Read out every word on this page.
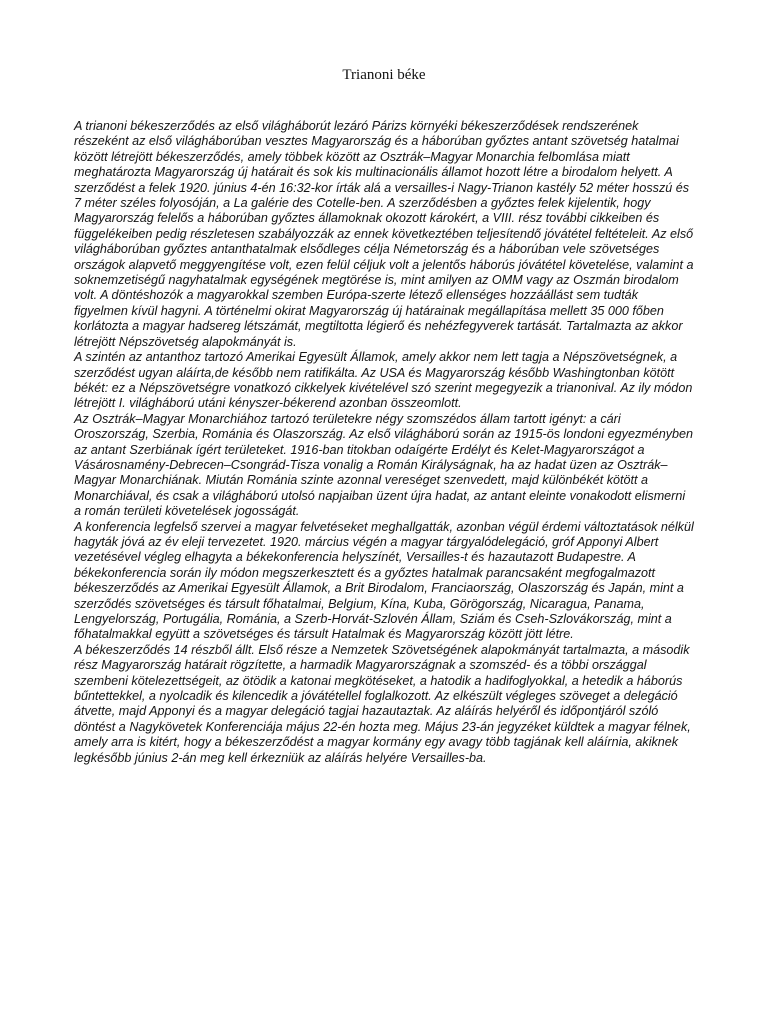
Trianoni béke

A trianoni békeszerződés az első világháborút lezáró Párizs környéki békeszerződések rendszerének részeként az első világháborúban vesztes Magyarország és a háborúban győztes antant szövetség hatalmai között létrejött békeszerződés, amely többek között az Osztrák–Magyar Monarchia felbomlása miatt meghatározta Magyarország új határait és sok kis multinacionális államot hozott létre a birodalom helyett. A szerződést a felek 1920. június 4-én 16:32-kor írták alá a versailles-i Nagy-Trianon kastély 52 méter hosszú és 7 méter széles folyosóján, a La galérie des Cotelle-ben. A szerződésben a győztes felek kijelentik, hogy Magyarország felelős a háborúban győztes államoknak okozott károkért, a VIII. rész további cikkeiben és függelékeiben pedig részletesen szabályozzák az ennek következtében teljesítendő jóvátétel feltételeit. Az első világháborúban győztes antanthatalmak elsődleges célja Németország és a háborúban vele szövetséges országok alapvető meggyengítése volt, ezen felül céljuk volt a jelentős háborús jóvátétel követelése, valamint a soknemzetiségű nagyhatalmak egységének megtörése is, mint amilyen az OMM vagy az Oszmán birodalom volt. A döntéshozók a magyarokkal szemben Európa-szerte létező ellenséges hozzáállást sem tudták figyelmen kívül hagyni. A történelmi okirat Magyarország új határainak megállapítása mellett 35 000 főben korlátozta a magyar hadsereg létszámát, megtiltotta légierő és nehézfegyverek tartását. Tartalmazta az akkor létrejött Népszövetség alapokmányát is.

A szintén az antanthoz tartozó Amerikai Egyesült Államok, amely akkor nem lett tagja a Népszövetségnek, a szerződést ugyan aláírta,de később nem ratifikálta. Az USA és Magyarország később Washingtonban kötött békét: ez a Népszövetségre vonatkozó cikkelyek kivételével szó szerint megegyezik a trianonival. Az ily módon létrejött I. világháború utáni kényszer-békerend azonban összeomlott.

Az Osztrák–Magyar Monarchiához tartozó területekre négy szomszédos állam tartott igényt: a cári Oroszország, Szerbia, Románia és Olaszország. Az első világháború során az 1915-ös londoni egyezményben az antant Szerbiának ígért területeket. 1916-ban titokban odaígérte Erdélyt és Kelet-Magyarországot a Vásárosnamény-Debrecen–Csongrád-Tisza vonalig a Román Királyságnak, ha az hadat üzen az Osztrák–Magyar Monarchiának. Miután Románia szinte azonnal vereséget szenvedett, majd különbékét kötött a Monarchiával, és csak a világháború utolsó napjaiban üzent újra hadat, az antant eleinte vonakodott elismerni a román területi követelések jogosságát.

A konferencia legfelső szervei a magyar felvetéseket meghallgatták, azonban végül érdemi változtatások nélkül hagyták jóvá az év eleji tervezetet. 1920. március végén a magyar tárgyalódelegáció, gróf Apponyi Albert vezetésével végleg elhagyta a békekonferencia helyszínét, Versailles-t és hazautazott Budapestre. A békekonferencia során ily módon megszerkesztett és a győztes hatalmak parancsaként megfogalmazott békeszerződés az Amerikai Egyesült Államok, a Brit Birodalom, Franciaország, Olaszország és Japán, mint a szerződés szövetséges és társult főhatalmai, Belgium, Kína, Kuba, Görögország, Nicaragua, Panama, Lengyelország, Portugália, Románia, a Szerb-Horvát-Szlovén Állam, Sziám és Cseh-Szlovákország, mint a főhatalmakkal együtt a szövetséges és társult Hatalmak és Magyarország között jött létre.

A békeszerződés 14 részből állt. Első része a Nemzetek Szövetségének alapokmányát tartalmazta, a második rész Magyarország határait rögzítette, a harmadik Magyarországnak a szomszéd- és a többi országgal szembeni kötelezettségeit, az ötödik a katonai megkötéseket, a hatodik a hadifoglyokkal, a hetedik a háborús bűntettekkel, a nyolcadik és kilencedik a jóvátétellel foglalkozott. Az elkészült végleges szöveget a delegáció átvette, majd Apponyi és a magyar delegáció tagjai hazautaztak. Az aláírás helyéről és időpontjáról szóló döntést a Nagykövetek Konferenciája május 22-én hozta meg. Május 23-án jegyzéket küldtek a magyar félnek, amely arra is kitért, hogy a békeszerződést a magyar kormány egy avagy több tagjának kell aláírnia, akiknek legkésőbb június 2-án meg kell érkezniük az aláírás helyére Versailles-ba.
